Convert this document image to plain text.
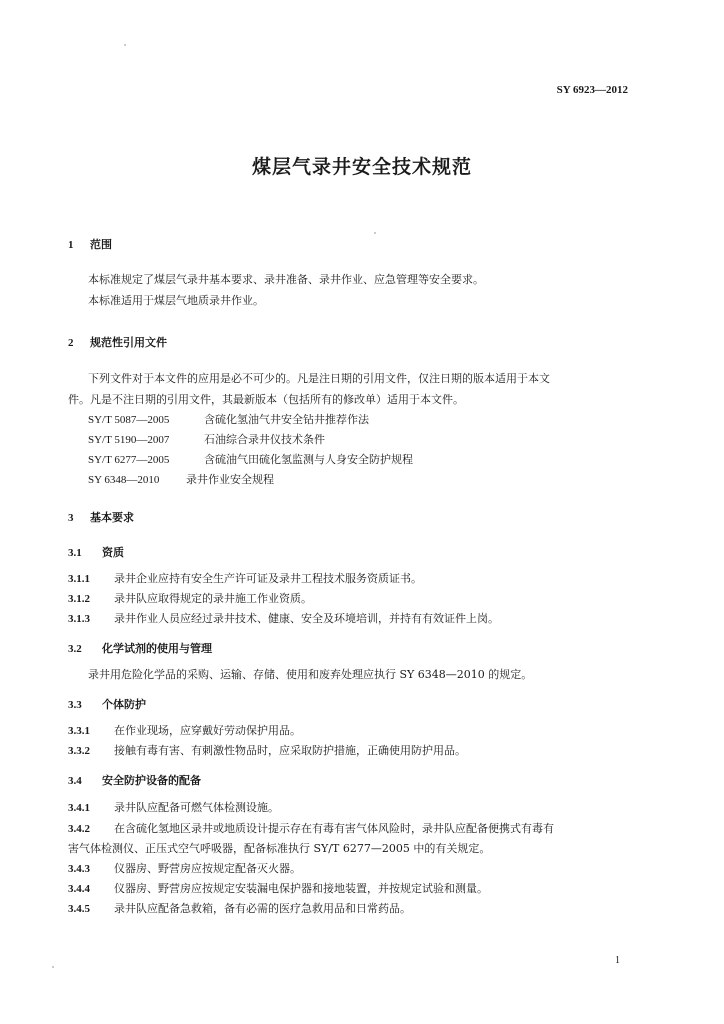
SY 6923—2012
煤层气录井安全技术规范
1 范围
本标准规定了煤层气录井基本要求、录井准备、录井作业、应急管理等安全要求。
本标准适用于煤层气地质录井作业。
2 规范性引用文件
下列文件对于本文件的应用是必不可少的。凡是注日期的引用文件，仅注日期的版本适用于本文
件。凡是不注日期的引用文件，其最新版本（包括所有的修改单）适用于本文件。
SY/T 5087—2005	含硫化氢油气井安全钻井推荐作法
SY/T 5190—2007	石油综合录井仪技术条件
SY/T 6277—2005	含硫油气田硫化氢监测与人身安全防护规程
SY 6348—2010 录井作业安全规程
3 基本要求
3.1 资质
3.1.1 录井企业应持有安全生产许可证及录井工程技术服务资质证书。
3.1.2 录井队应取得规定的录井施工作业资质。
3.1.3 录井作业人员应经过录井技术、健康、安全及环境培训，并持有有效证件上岗。
3.2 化学试剂的使用与管理
录井用危险化学品的采购、运输、存储、使用和废弃处理应执行 SY 6348—2010 的规定。
3.3 个体防护
3.3.1 在作业现场，应穿戴好劳动保护用品。
3.3.2 接触有毒有害、有刺激性物品时，应采取防护措施，正确使用防护用品。
3.4 安全防护设备的配备
3.4.1 录井队应配备可燃气体检测设施。
3.4.2 在含硫化氢地区录井或地质设计提示存在有毒有害气体风险时，录井队应配备便携式有毒有
害气体检测仪、正压式空气呼吸器，配备标准执行 SY/T 6277—2005 中的有关规定。
3.4.3 仪器房、野营房应按规定配备灭火器。
3.4.4 仪器房、野营房应按规定安装漏电保护器和接地装置，并按规定试验和测量。
3.4.5 录井队应配备急救箱，备有必需的医疗急救用品和日常药品。
1
